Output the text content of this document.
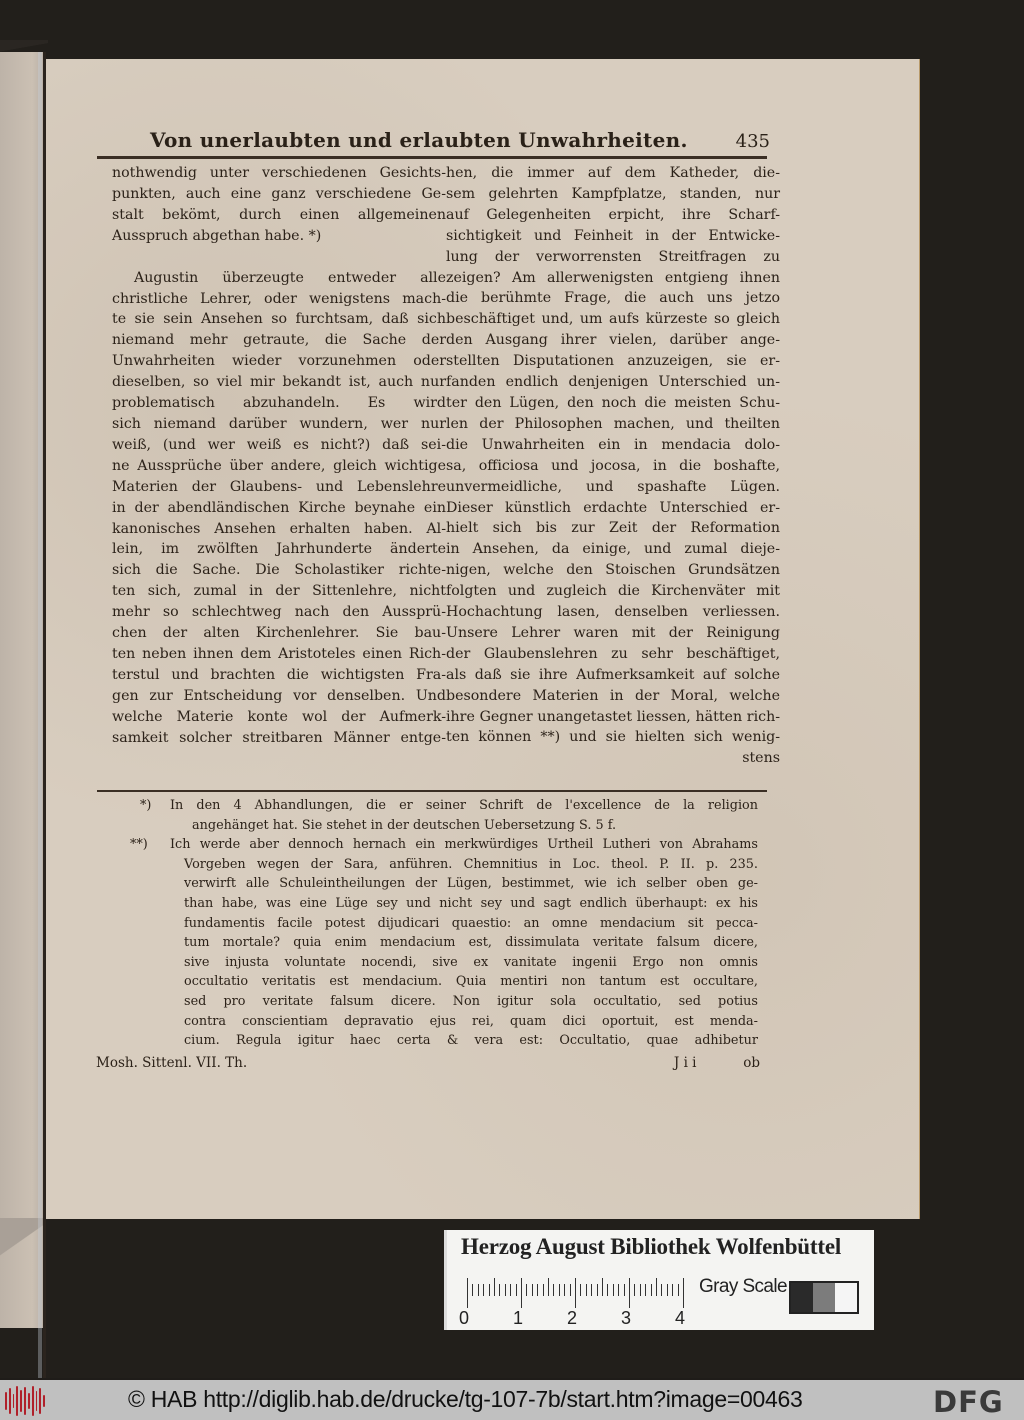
Von unerlaubten und erlaubten Unwahrheiten.	435

nothwendig unter verschiedenen Gesichts-

punkten, auch eine ganz verschiedene Ge-

stalt bekömt, durch einen allgemeinen

Ausspruch abgethan habe. *)

Augustin überzeugte entweder alle

christliche Lehrer, oder wenigstens mach-

te sie sein Ansehen so furchtsam, daß sich

niemand mehr getraute, die Sache der

Unwahrheiten wieder vorzunehmen oder

dieselben, so viel mir bekandt ist, auch nur

problematisch abzuhandeln. Es wird

sich niemand darüber wundern, wer nur

weiß, (und wer weiß es nicht?) daß sei-

ne Aussprüche über andere, gleich wichtige

Materien der Glaubens- und Lebenslehre

in der abendländischen Kirche beynahe ein

kanonisches Ansehen erhalten haben. Al-

lein, im zwölften Jahrhunderte änderte

sich die Sache. Die Scholastiker richte-

ten sich, zumal in der Sittenlehre, nicht

mehr so schlechtweg nach den Aussprü-

chen der alten Kirchenlehrer. Sie bau-

ten neben ihnen dem Aristoteles einen Rich-

terstul und brachten die wichtigsten Fra-

gen zur Entscheidung vor denselben. Und

welche Materie konte wol der Aufmerk-

samkeit solcher streitbaren Männer entge-

hen, die immer auf dem Katheder, die-

sem gelehrten Kampfplatze, standen, nur

auf Gelegenheiten erpicht, ihre Scharf-

sichtigkeit und Feinheit in der Entwicke-

lung der verworrensten Streitfragen zu

zeigen? Am allerwenigsten entgieng ihnen

die berühmte Frage, die auch uns jetzo

beschäftiget und, um aufs kürzeste so gleich

den Ausgang ihrer vielen, darüber ange-

stellten Disputationen anzuzeigen, sie er-

fanden endlich denjenigen Unterschied un-

ter den Lügen, den noch die meisten Schu-

len der Philosophen machen, und theilten

die Unwahrheiten ein in mendacia dolo-

sa, officiosa und jocosa, in die boshafte,

unvermeidliche, und spashafte Lügen.

Dieser künstlich erdachte Unterschied er-

hielt sich bis zur Zeit der Reformation

in Ansehen, da einige, und zumal dieje-

nigen, welche den Stoischen Grundsätzen

folgten und zugleich die Kirchenväter mit

Hochachtung lasen, denselben verliessen.

Unsere Lehrer waren mit der Reinigung

der Glaubenslehren zu sehr beschäftiget,

als daß sie ihre Aufmerksamkeit auf solche

besondere Materien in der Moral, welche

ihre Gegner unangetastet liessen, hätten rich-

ten können **) und sie hielten sich wenig-

stens

*) In den 4 Abhandlungen, die er seiner Schrift de l'excellence de la religion
angehänget hat. Sie stehet in der deutschen Uebersetzung S. 5 f.
**) Ich werde aber dennoch hernach ein merkwürdiges Urtheil Lutheri von Abrahams
Vorgeben wegen der Sara, anführen. Chemnitius in Loc. theol. P. II. p. 235.
verwirft alle Schuleintheilungen der Lügen, bestimmet, wie ich selber oben ge-
than habe, was eine Lüge sey und nicht sey und sagt endlich überhaupt: ex his
fundamentis facile potest dijudicari quaestio: an omne mendacium sit pecca-
tum mortale? quia enim mendacium est, dissimulata veritate falsum dicere,
sive injusta voluntate nocendi, sive ex vanitate ingenii Ergo non omnis
occultatio veritatis est mendacium. Quia mentiri non tantum est occultare,
sed pro veritate falsum dicere. Non igitur sola occultatio, sed potius
contra conscientiam depravatio ejus rei, quam dici oportuit, est menda-
cium. Regula igitur haec certa & vera est: Occultatio, quae adhibetur
Mosh. Sittenl. VII. Th.	J i i	ob
Herzog August Bibliothek Wolfenbüttel
0 1 2 3 4
Gray Scale
© HAB http://diglib.hab.de/drucke/tg-107-7b/start.htm?image=00463	DFG
